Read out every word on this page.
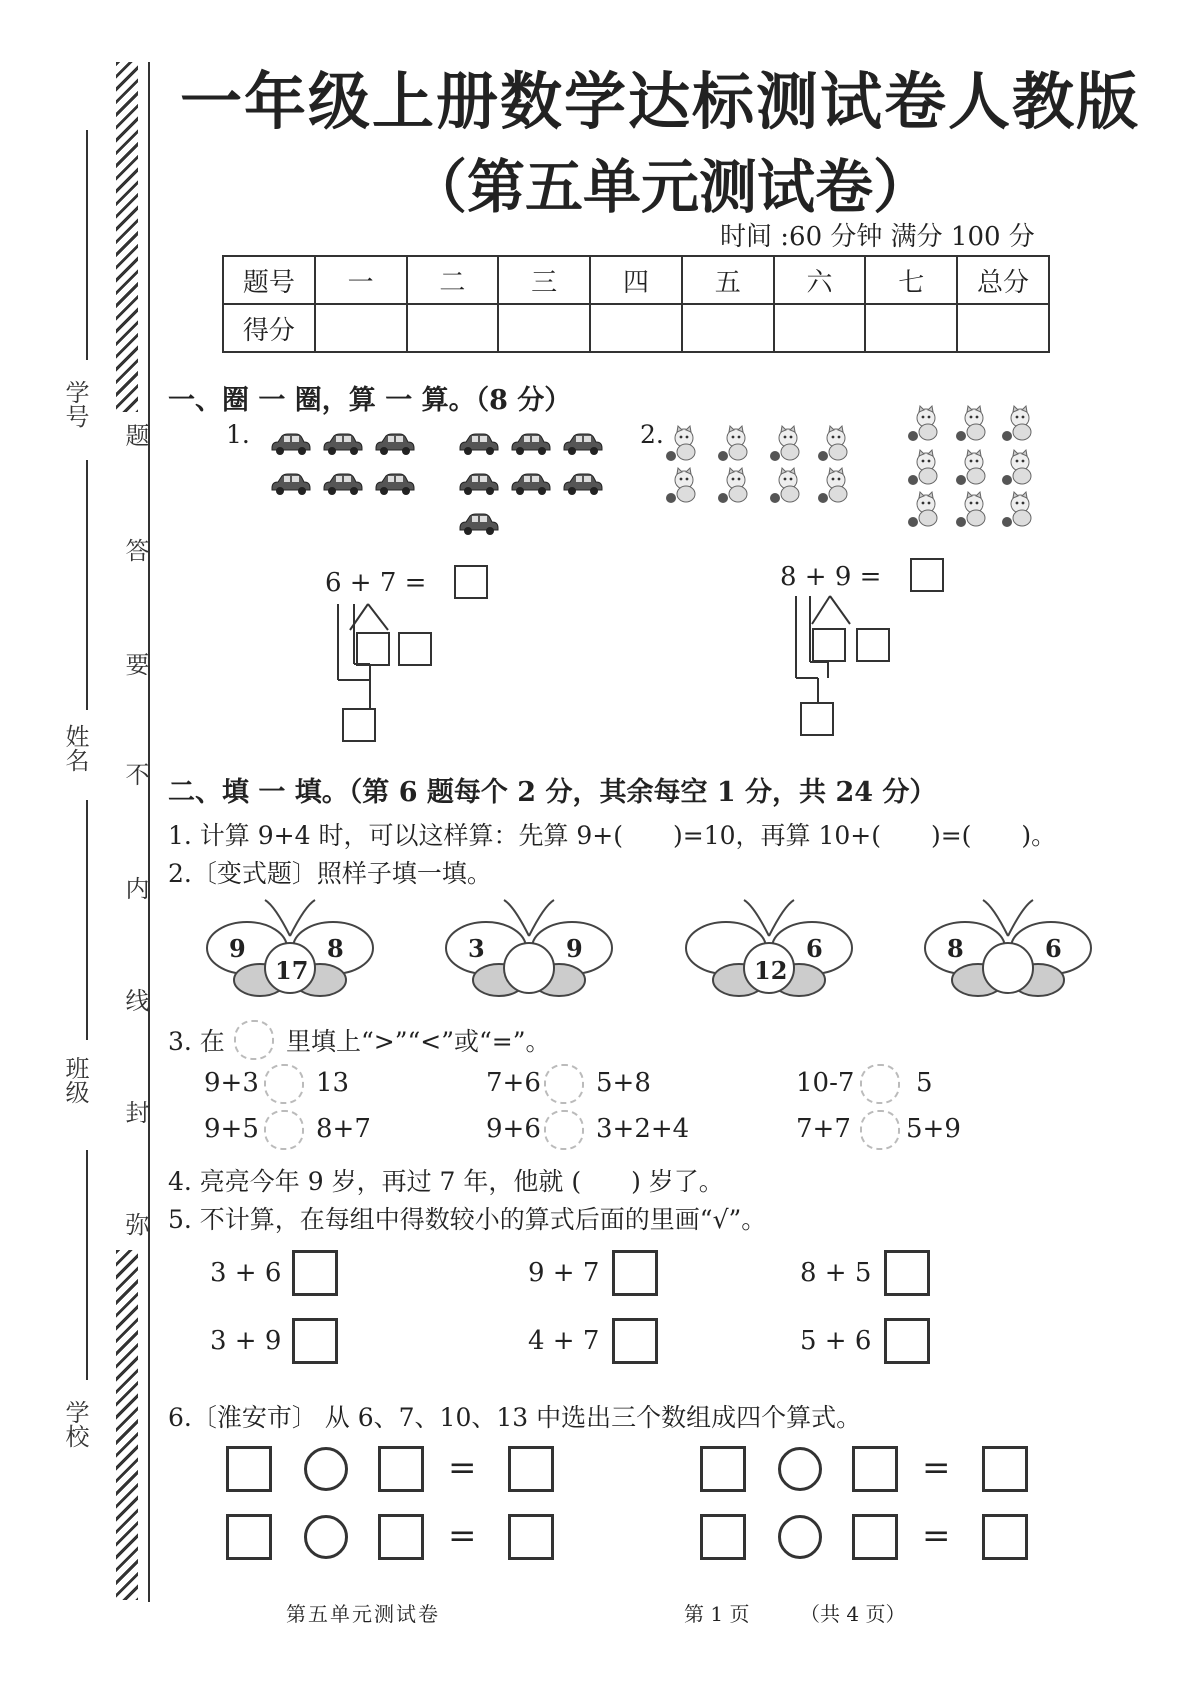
题
答
要
不
内
线
封
弥
学号
姓名
班级
学校
一年级上册数学达标测试卷人教版
（第五单元测试卷）
时间 :60 分钟 满分 100 分
题号	一	二	三	四	五	六	七	总分
得分								
一、圈 一 圈，算 一 算。（8 分）
1.
6 + 7 =
2.
8 + 9 =
二、填 一 填。（第 6 题每个 2 分，其余每空 1 分，共 24 分）
1. 计算 9+4 时，可以这样算：先算 9+(　　)=10，再算 10+(　　)=(　　)。
2.〔变式题〕照样子填一填。
9	8
17
3	9	6
12
8	6
3. 在 里填上“>”“<”或“=”。
9+3 13	7+6 5+8	10-7 5
9+5 8+7	9+6 3+2+4	7+7 5+9
4. 亮亮今年 9 岁，再过 7 年，他就 (　　) 岁了。
5. 不计算，在每组中得数较小的算式后面的里画“√”。
3 + 6	9 + 7	8 + 5
3 + 9	4 + 7	5 + 6
6.〔淮安市〕 从 6、7、10、13 中选出三个数组成四个算式。
=	=
=	=
第五单元测试卷	第 1 页	（共 4 页）
